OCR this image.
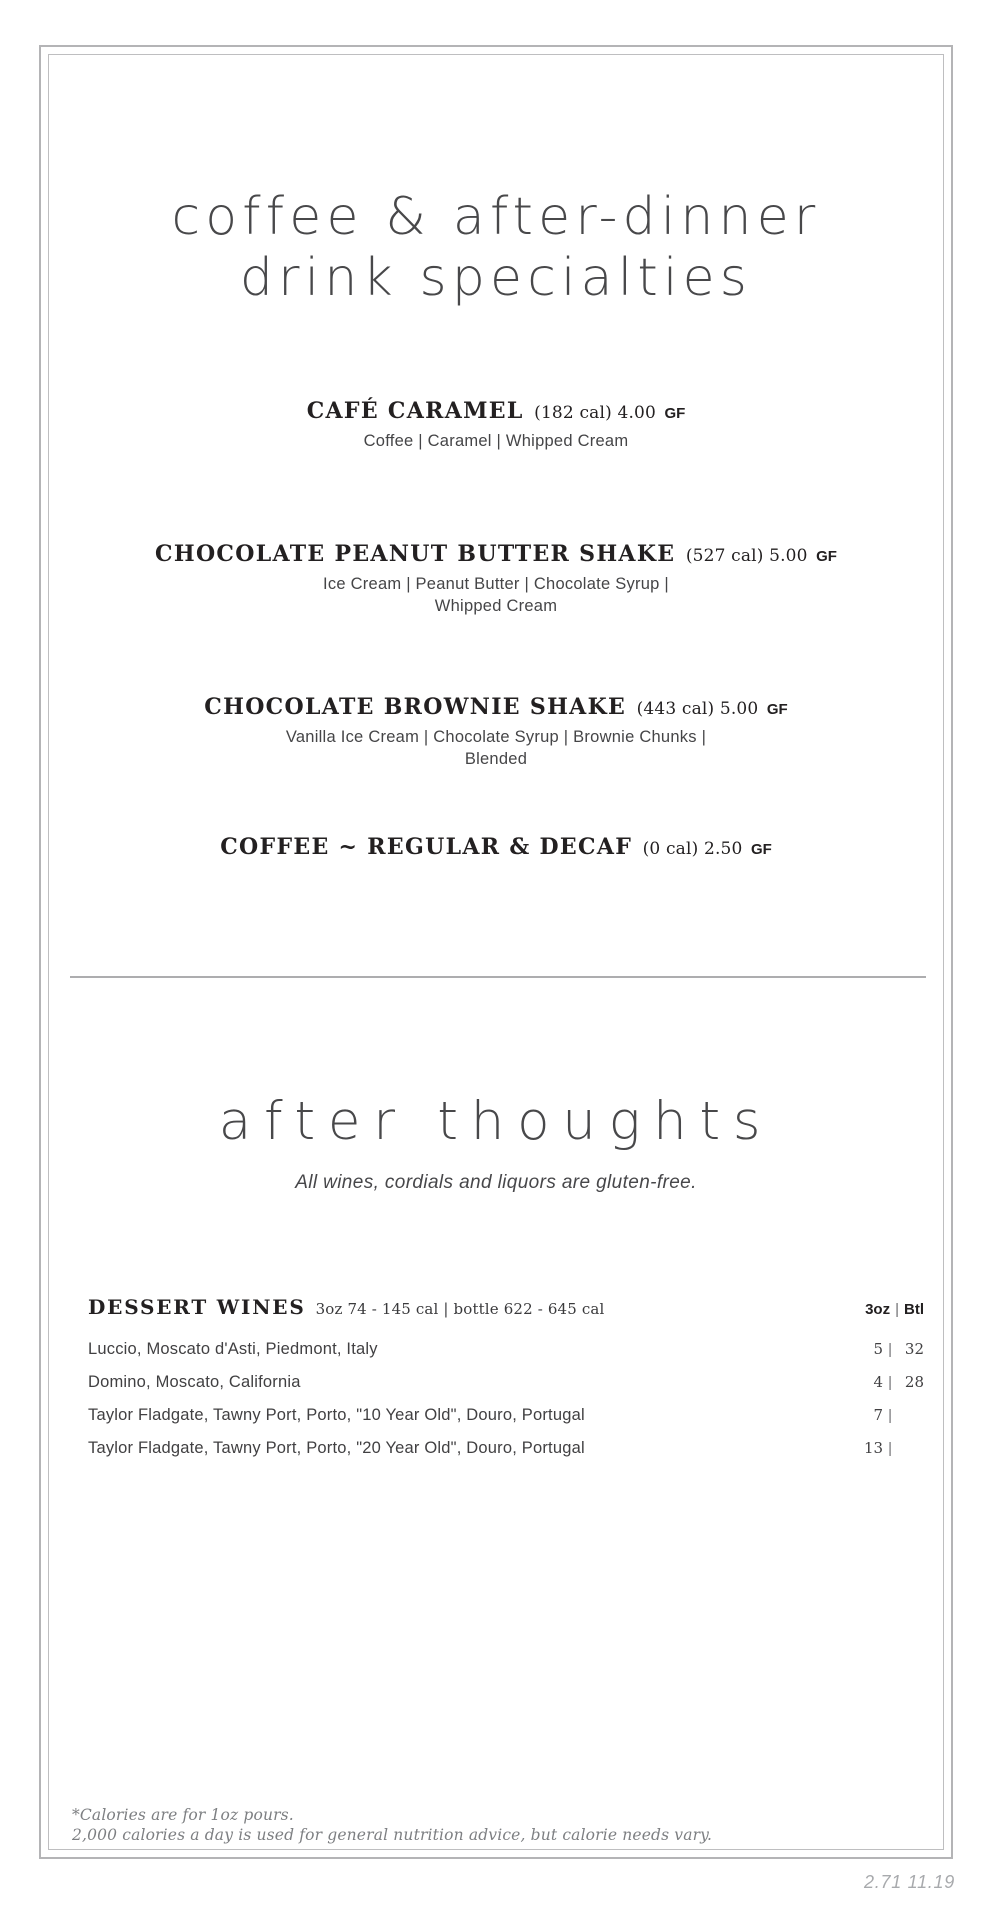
coffee & after-dinner
drink specialties
CAFÉ CARAMEL (182 cal) 4.00 GF
Coffee | Caramel | Whipped Cream
CHOCOLATE PEANUT BUTTER SHAKE (527 cal) 5.00 GF
Ice Cream | Peanut Butter | Chocolate Syrup | Whipped Cream
CHOCOLATE BROWNIE SHAKE (443 cal) 5.00 GF
Vanilla Ice Cream | Chocolate Syrup | Brownie Chunks | Blended
COFFEE ~ REGULAR & DECAF (0 cal) 2.50 GF
after thoughts
All wines, cordials and liquors are gluten-free.
DESSERT WINES 3oz 74 - 145 cal | bottle 622 - 645 cal	3oz | Btl
Luccio, Moscato d'Asti, Piedmont, Italy	5 | 32
Domino, Moscato, California	4 | 28
Taylor Fladgate, Tawny Port, Porto, "10 Year Old", Douro, Portugal	7 |
Taylor Fladgate, Tawny Port, Porto, "20 Year Old", Douro, Portugal	13 |
*Calories are for 1oz pours.
2,000 calories a day is used for general nutrition advice, but calorie needs vary.
2.71 11.19
